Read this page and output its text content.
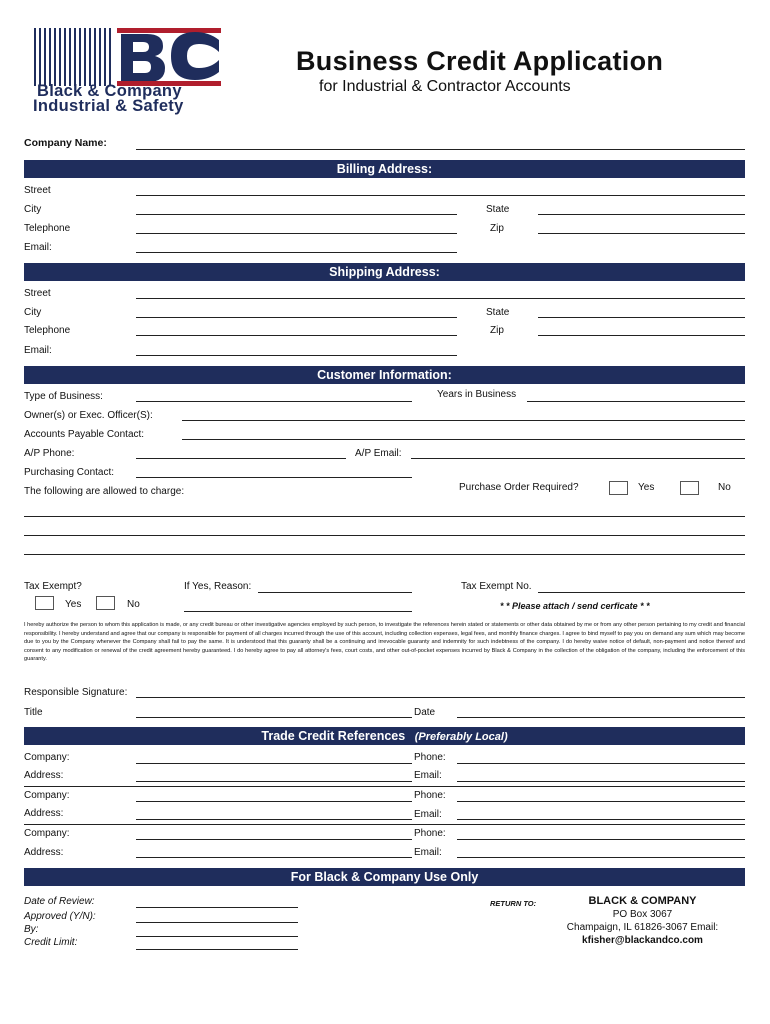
Black & Company
Industrial & Safety
Business Credit Application
for Industrial & Contractor Accounts
Company Name:
Billing Address:
Street
City	State
Telephone	Zip
Email:
Shipping Address:
Street
City	State
Telephone	Zip
Email:
Customer Information:
Type of Business:	Years in Business
Owner(s) or Exec. Officer(S):
Accounts Payable Contact:
A/P Phone:	A/P Email:
Purchasing Contact:
The following are allowed to charge:	Purchase Order Required?	Yes	No
Tax Exempt?
Yes	No
If Yes, Reason:	Tax Exempt No.
* * Please attach / send cerficate * *
I hereby authorize the person to whom this application is made, or any credit bureau or other investigative agencies employed by such person, to investigate the references herein stated or statements or other data obtained by me or from any other person pertaining to my credit and financial responsibility. I hereby understand and agree that our company is responsible for payment of all charges incurred through the use of this account, including collection expenses, legal fees, and monthly finance charges. I agree to bind myself to pay you on demand any sum which may become due to you by the Company whenever the Company shall fail to pay the same. It is understood that this guaranty shall be a continuing and irrevocable guaranty and indemnity for such indebtness of the company. I do hereby waive notice of default, non-payment and notice thereof and consent to any modification or renewal of the credit agreement hereby guaranteed. I do hereby agree to pay all attorney's fees, court costs, and other out-of-pocket expenses incurred by Black & Company in the collection of the obligation of the company, including the enforcement of this guaranty.
Responsible Signature:
Title	Date
Trade Credit References (Preferably Local)
Company:	Phone:
Address:	Email:
Company:	Phone:
Address:	Email:
Company:	Phone:
Address:	Email:
For Black & Company Use Only
Date of Review:
Approved (Y/N):
By:
Credit Limit:
RETURN TO:	BLACK & COMPANY
PO Box 3067
Champaign, IL 61826-3067 Email:
kfisher@blackandco.com
